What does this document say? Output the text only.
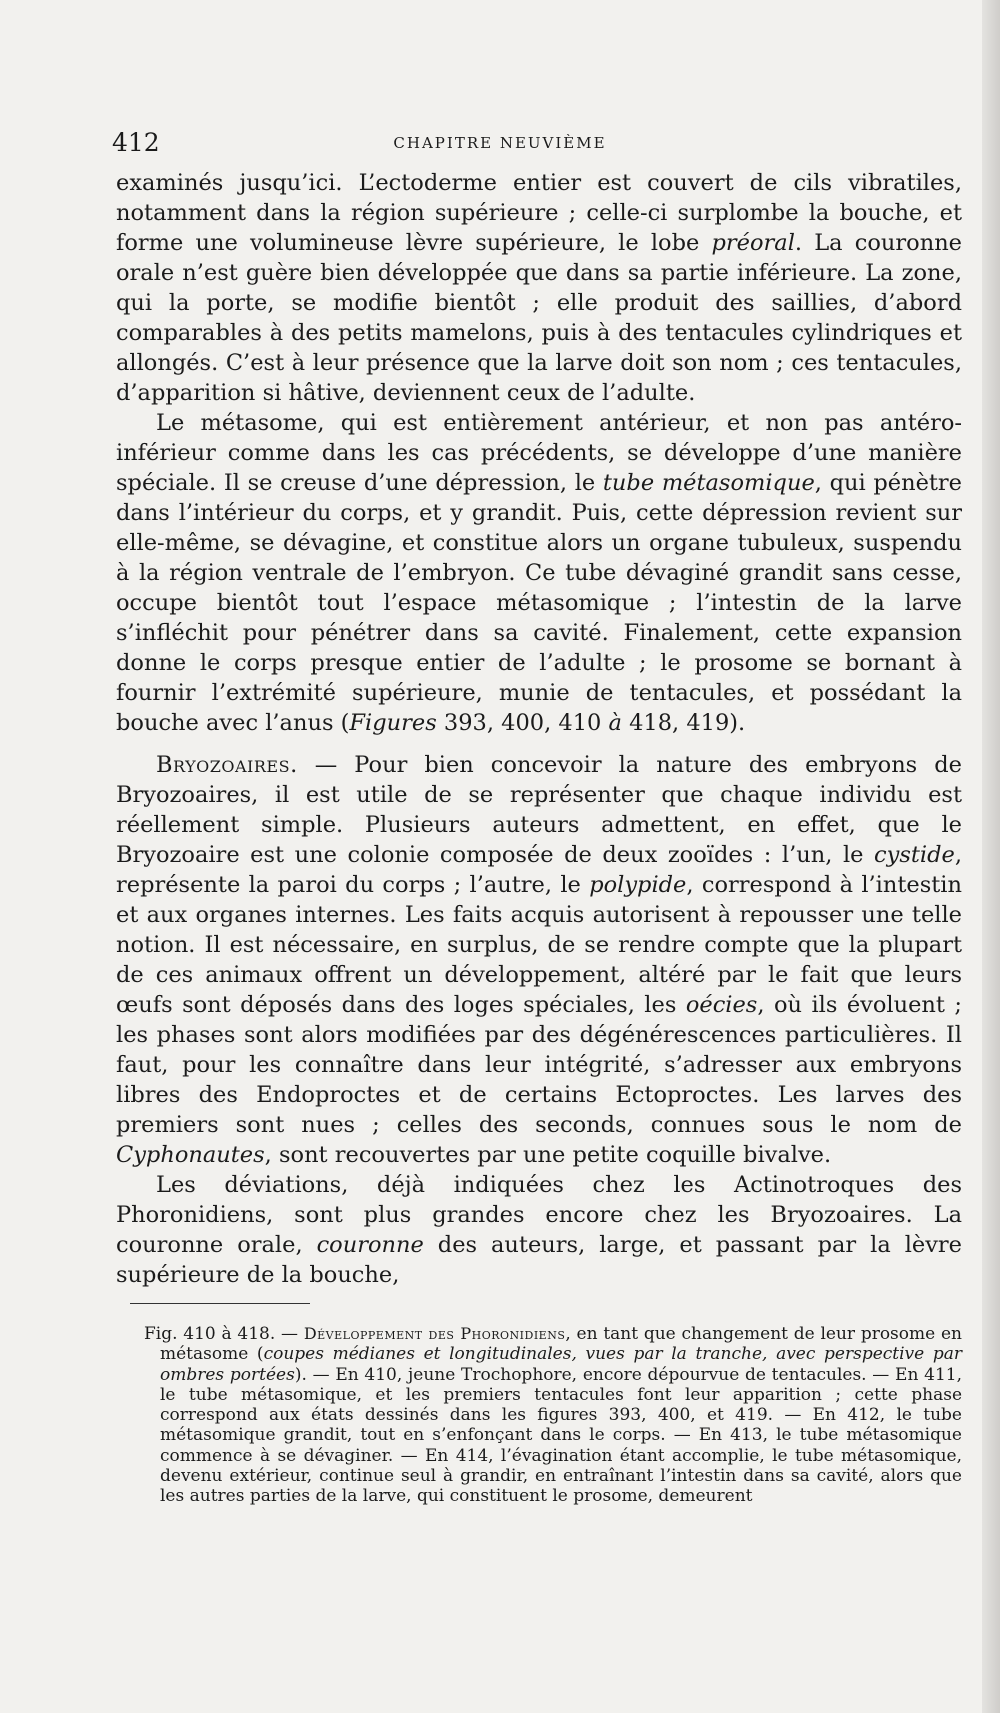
412	CHAPITRE NEUVIÈME

examinés jusqu’ici. L’ectoderme entier est couvert de cils vibratiles, notamment dans la région supérieure ; celle-ci surplombe la bouche, et forme une volumineuse lèvre supérieure, le lobe préoral. La couronne orale n’est guère bien développée que dans sa partie inférieure. La zone, qui la porte, se modifie bientôt ; elle produit des saillies, d’abord comparables à des petits mamelons, puis à des tentacules cylindriques et allongés. C’est à leur présence que la larve doit son nom ; ces tentacules, d’apparition si hâtive, deviennent ceux de l’adulte.

Le métasome, qui est entièrement antérieur, et non pas antéro-inférieur comme dans les cas précédents, se développe d’une manière spéciale. Il se creuse d’une dépression, le tube métasomique, qui pénètre dans l’intérieur du corps, et y grandit. Puis, cette dépression revient sur elle-même, se dévagine, et constitue alors un organe tubuleux, suspendu à la région ventrale de l’embryon. Ce tube dévaginé grandit sans cesse, occupe bientôt tout l’espace métasomique ; l’intestin de la larve s’infléchit pour pénétrer dans sa cavité. Finalement, cette expansion donne le corps presque entier de l’adulte ; le prosome se bornant à fournir l’extrémité supérieure, munie de tentacules, et possédant la bouche avec l’anus (Figures 393, 400, 410 à 418, 419).

Bryozoaires. — Pour bien concevoir la nature des embryons de Bryozoaires, il est utile de se représenter que chaque individu est réellement simple. Plusieurs auteurs admettent, en effet, que le Bryozoaire est une colonie composée de deux zooïdes : l’un, le cystide, représente la paroi du corps ; l’autre, le polypide, correspond à l’intestin et aux organes internes. Les faits acquis autorisent à repousser une telle notion. Il est nécessaire, en surplus, de se rendre compte que la plupart de ces animaux offrent un développement, altéré par le fait que leurs œufs sont déposés dans des loges spéciales, les oécies, où ils évoluent ; les phases sont alors modifiées par des dégénérescences particulières. Il faut, pour les connaître dans leur intégrité, s’adresser aux embryons libres des Endoproctes et de certains Ectoproctes. Les larves des premiers sont nues ; celles des seconds, connues sous le nom de Cyphonautes, sont recouvertes par une petite coquille bivalve.

Les déviations, déjà indiquées chez les Actinotroques des Phoronidiens, sont plus grandes encore chez les Bryozoaires. La couronne orale, couronne des auteurs, large, et passant par la lèvre supérieure de la bouche,

Fig. 410 à 418. — Développement des Phoronidiens, en tant que changement de leur prosome en métasome (coupes médianes et longitudinales, vues par la tranche, avec perspective par ombres portées). — En 410, jeune Trochophore, encore dépourvue de tentacules. — En 411, le tube métasomique, et les premiers tentacules font leur apparition ; cette phase correspond aux états dessinés dans les figures 393, 400, et 419. — En 412, le tube métasomique grandit, tout en s’enfonçant dans le corps. — En 413, le tube métasomique commence à se dévaginer. — En 414, l’évagination étant accomplie, le tube métasomique, devenu extérieur, continue seul à grandir, en entraînant l’intestin dans sa cavité, alors que les autres parties de la larve, qui constituent le prosome, demeurent
